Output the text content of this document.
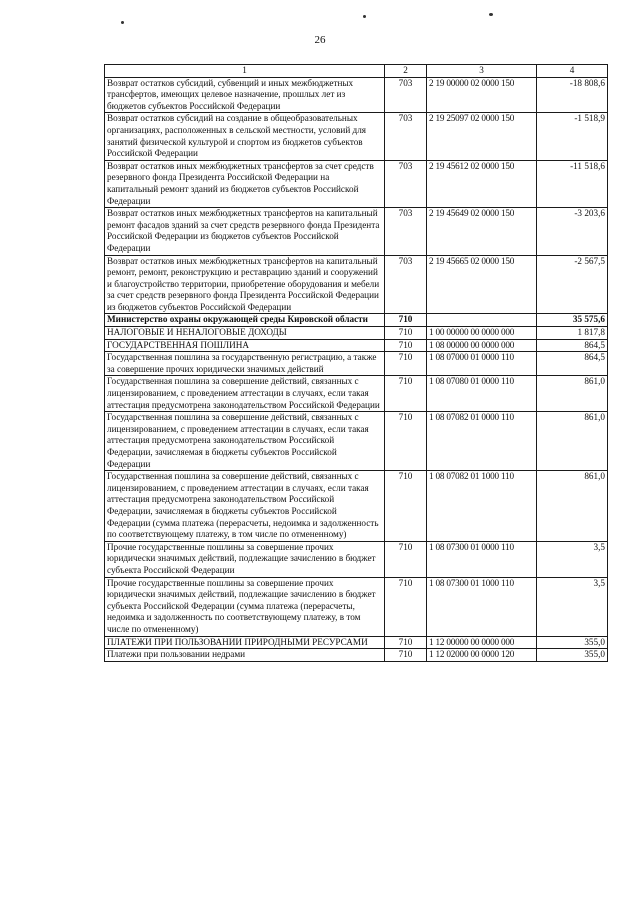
26
1	2	3	4
Возврат остатков субсидий, субвенций и иных межбюджетных трансфертов, имеющих целевое назначение, прошлых лет из бюджетов субъектов Российской Федерации	703	2 19 00000 02 0000 150	-18 808,6
Возврат остатков субсидий на создание в общеобразовательных организациях, расположенных в сельской местности, условий для занятий физической культурой и спортом из бюджетов субъектов Российской Федерации	703	2 19 25097 02 0000 150	-1 518,9
Возврат остатков иных межбюджетных трансфертов за счет средств резервного фонда Президента Российской Федерации на капитальный ремонт зданий из бюджетов субъектов Российской Федерации	703	2 19 45612 02 0000 150	-11 518,6
Возврат остатков иных межбюджетных трансфертов на капитальный ремонт фасадов зданий за счет средств резервного фонда Президента Российской Федерации из бюджетов субъектов Российской Федерации	703	2 19 45649 02 0000 150	-3 203,6
Возврат остатков иных межбюджетных трансфертов на капитальный ремонт, ремонт, реконструкцию и реставрацию зданий и сооружений и благоустройство территории, приобретение оборудования и мебели за счет средств резервного фонда Президента Российской Федерации из бюджетов субъектов Российской Федерации	703	2 19 45665 02 0000 150	-2 567,5
Министерство охраны окружающей среды Кировской области	710		35 575,6
НАЛОГОВЫЕ И НЕНАЛОГОВЫЕ ДОХОДЫ	710	1 00 00000 00 0000 000	1 817,8
ГОСУДАРСТВЕННАЯ ПОШЛИНА	710	1 08 00000 00 0000 000	864,5
Государственная пошлина за государственную регистрацию, а также за совершение прочих юридически значимых действий	710	1 08 07000 01 0000 110	864,5
Государственная пошлина за совершение действий, связанных с лицензированием, с проведением аттестации в случаях, если такая аттестация предусмотрена законодательством Российской Федерации	710	1 08 07080 01 0000 110	861,0
Государственная пошлина за совершение действий, связанных с лицензированием, с проведением аттестации в случаях, если такая аттестация предусмотрена законодательством Российской Федерации, зачисляемая в бюджеты субъектов Российской Федерации	710	1 08 07082 01 0000 110	861,0
Государственная пошлина за совершение действий, связанных с лицензированием, с проведением аттестации в случаях, если такая аттестация предусмотрена законодательством Российской Федерации, зачисляемая в бюджеты субъектов Российской Федерации (сумма платежа (перерасчеты, недоимка и задолженность по соответствующему платежу, в том числе по отмененному)	710	1 08 07082 01 1000 110	861,0
Прочие государственные пошлины за совершение прочих юридически значимых действий, подлежащие зачислению в бюджет субъекта Российской Федерации	710	1 08 07300 01 0000 110	3,5
Прочие государственные пошлины за совершение прочих юридически значимых действий, подлежащие зачислению в бюджет субъекта Российской Федерации (сумма платежа (перерасчеты, недоимка и задолженность по соответствующему платежу, в том числе по отмененному)	710	1 08 07300 01 1000 110	3,5
ПЛАТЕЖИ ПРИ ПОЛЬЗОВАНИИ ПРИРОДНЫМИ РЕСУРСАМИ	710	1 12 00000 00 0000 000	355,0
Платежи при пользовании недрами	710	1 12 02000 00 0000 120	355,0
